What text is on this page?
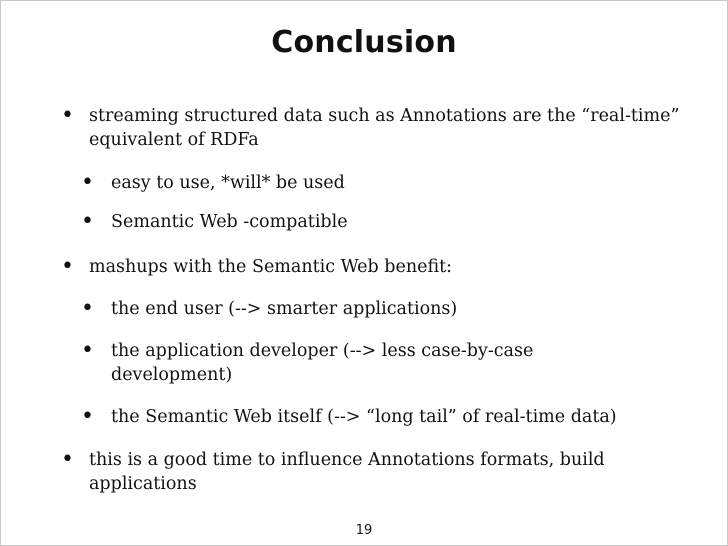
Conclusion
• streaming structured data such as Annotations are the “real-time” equivalent of RDFa
• easy to use, *will* be used
• Semantic Web -compatible
• mashups with the Semantic Web benefit:
• the end user (--> smarter applications)
• the application developer (--> less case-by-case development)
• the Semantic Web itself (--> “long tail” of real-time data)
• this is a good time to influence Annotations formats, build applications
19
